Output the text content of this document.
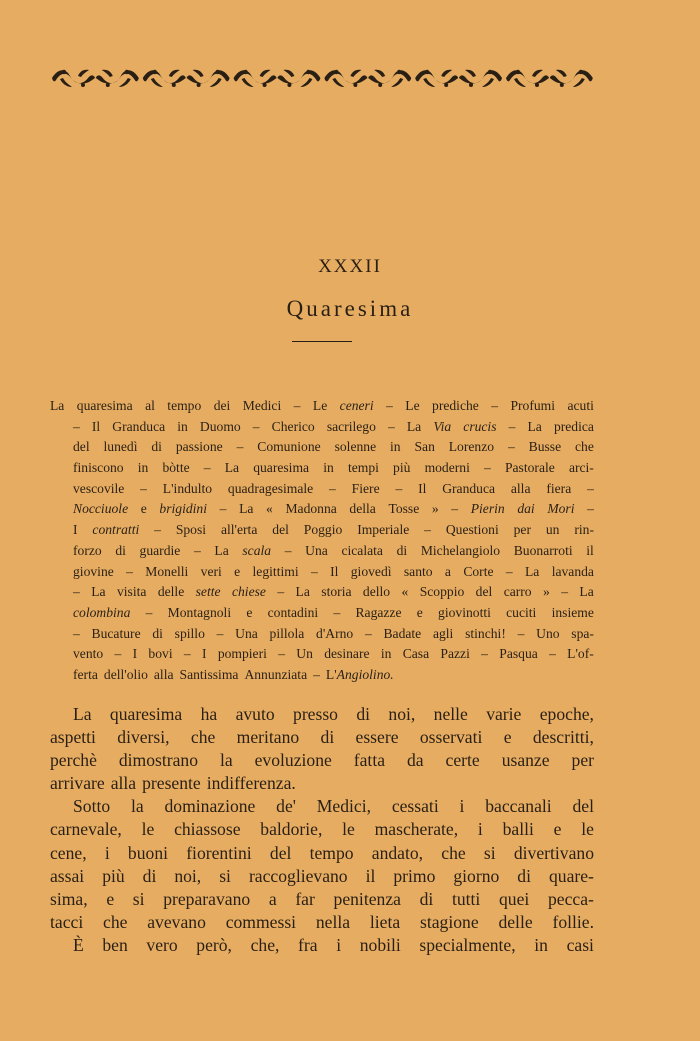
XXXII
Quaresima
La quaresima al tempo dei Medici – Le ceneri – Le prediche – Profumi acuti
– Il Granduca in Duomo – Cherico sacrilego – La Via crucis – La predica
del lunedì di passione – Comunione solenne in San Lorenzo – Busse che
finiscono in bòtte – La quaresima in tempi più moderni – Pastorale arci-
vescovile – L'indulto quadragesimale – Fiere – Il Granduca alla fiera –
Nocciuole e brigidini – La « Madonna della Tosse » – Pierin dai Mori –
I contratti – Sposi all'erta del Poggio Imperiale – Questioni per un rin-
forzo di guardie – La scala – Una cicalata di Michelangiolo Buonarroti il
giovine – Monelli veri e legittimi – Il giovedì santo a Corte – La lavanda
– La visita delle sette chiese – La storia dello « Scoppio del carro » – La
colombina – Montagnoli e contadini – Ragazze e giovinotti cuciti insieme
– Bucature di spillo – Una pillola d'Arno – Badate agli stinchi! – Uno spa-
vento – I bovi – I pompieri – Un desinare in Casa Pazzi – Pasqua – L'of-
ferta dell'olio alla Santissima Annunziata – L'Angiolino.
La quaresima ha avuto presso di noi, nelle varie epoche,
aspetti diversi, che meritano di essere osservati e descritti,
perchè dimostrano la evoluzione fatta da certe usanze per
arrivare alla presente indifferenza.
Sotto la dominazione de' Medici, cessati i baccanali del
carnevale, le chiassose baldorie, le mascherate, i balli e le
cene, i buoni fiorentini del tempo andato, che si divertivano
assai più di noi, si raccoglievano il primo giorno di quare-
sima, e si preparavano a far penitenza di tutti quei pecca-
tacci che avevano commessi nella lieta stagione delle follie.
È ben vero però, che, fra i nobili specialmente, in casi
